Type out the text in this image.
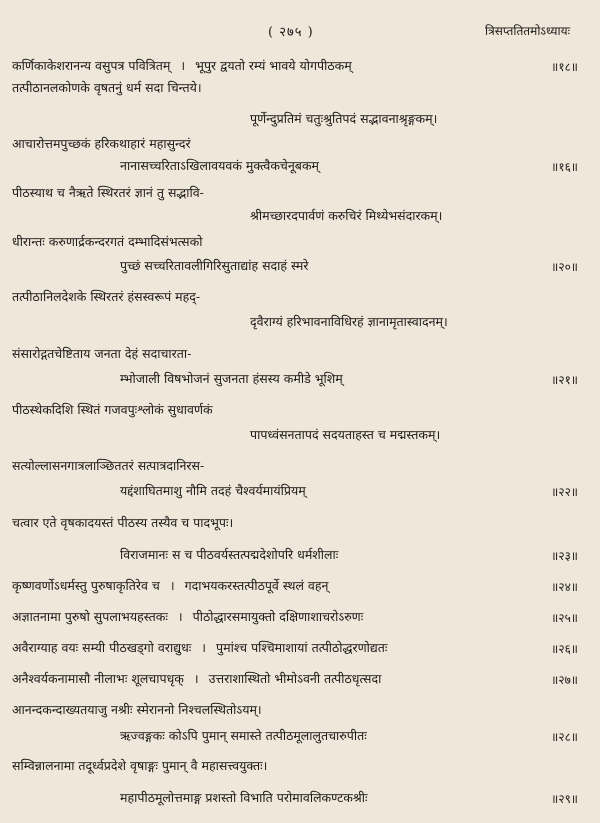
( २७५ )	त्रिसप्ततितमोऽध्यायः
कर्णिकाकेशरानन्य वसुपत्र पवित्रितम् । भूपुर द्वयतो रम्यं भावये योगपीठकम्	॥१८॥
तत्पीठानलकोणके वृषतनुं धर्म सदा चिन्तये।
पूर्णेन्दुप्रतिमं चतुःश्रुतिपदं सद्भावनाश्रृङ्गकम्।
आचारोत्तमपुच्छकं हरिकथाहारं महासुन्दरं
नानासच्चरिताऽखिलावयवकं मुक्त्वैकचेनूबकम्	॥१६॥
पीठस्याथ च नैऋते स्थिरतरं ज्ञानं तु सद्भावि-
श्रीमच्छारदपार्वणं करुचिरं मिथ्येभसंदारकम्।
धीरान्तः करुणार्द्रकन्दरगतं दम्भादिसंभत्सको
पुच्छं सच्चरितावलीगिरिसुताद्यांह सदाहं स्मरे	॥२०॥
तत्पीठानिलदेशके स्थिरतरं हंसस्वरूपं महद्-
दृवैराग्यं हरिभावनाविधिरहं ज्ञानामृतास्वादनम्।
संसारोद्गतचेष्टिताय जनता देहं सदाचारता-
म्भोजाली विषभोजनं सुजनता हंसस्य कमीडे भूशिम्	॥२१॥
पीठस्थेकदिशि स्थितं गजवपुःश्लोकं सुधावर्णकं
पापध्वंसनतापदं सदयताहस्त च मद्मस्तकम्।
सत्योल्लासनगात्रलाञ्छिततरं सत्पात्रदानिरस-
यद्दंशाघितमाशु नौमि तदहं चैश्वर्यमायंप्रियम्	॥२२॥
चत्वार एते वृषकादयस्तं पीठस्य तस्यैव च पादभूपः।
विराजमानः स च पीठवर्यस्तत्पद्मदेशोपरि धर्मशीलाः	॥२३॥
कृष्णवर्णोऽधर्मस्तु पुरुषाकृतिरेव च । गदाभयकरस्तत्पीठपूर्वे स्थलं वहन्	॥२४॥
अज्ञातनामा पुरुषो सुपलाभयहस्तकः । पीठोद्धारसमायुक्तो दक्षिणाशाचरोऽरुणः	॥२५॥
अवैराग्याह वयः सम्यी पीठखड्गो वराद्युधः । पुमांश्च पश्चिमाशायां तत्पीठोद्धरणोद्यतः	॥२६॥
अनैश्वर्यकनामासौ नीलाभः शूलचापधृक् । उत्तराशास्थितो भीमोऽवनी तत्पीठधृत्सदा	॥२७॥
आनन्दकन्दाख्यतयाजु नश्रीः स्मेराननो निश्चलस्थितोऽयम्।
ऋज्वङ्गकः कोऽपि पुमान् समास्ते तत्पीठमूलालुतचारुपीतः	॥२८॥
सम्विन्नालनामा तदूर्ध्वप्रदेशे वृषाङ्गः पुमान् वै महासत्त्वयुक्तः।
महापीठमूलोत्तमाङ्ग प्रशस्तो विभाति परोमावलिकण्टकश्रीः	॥२९॥
